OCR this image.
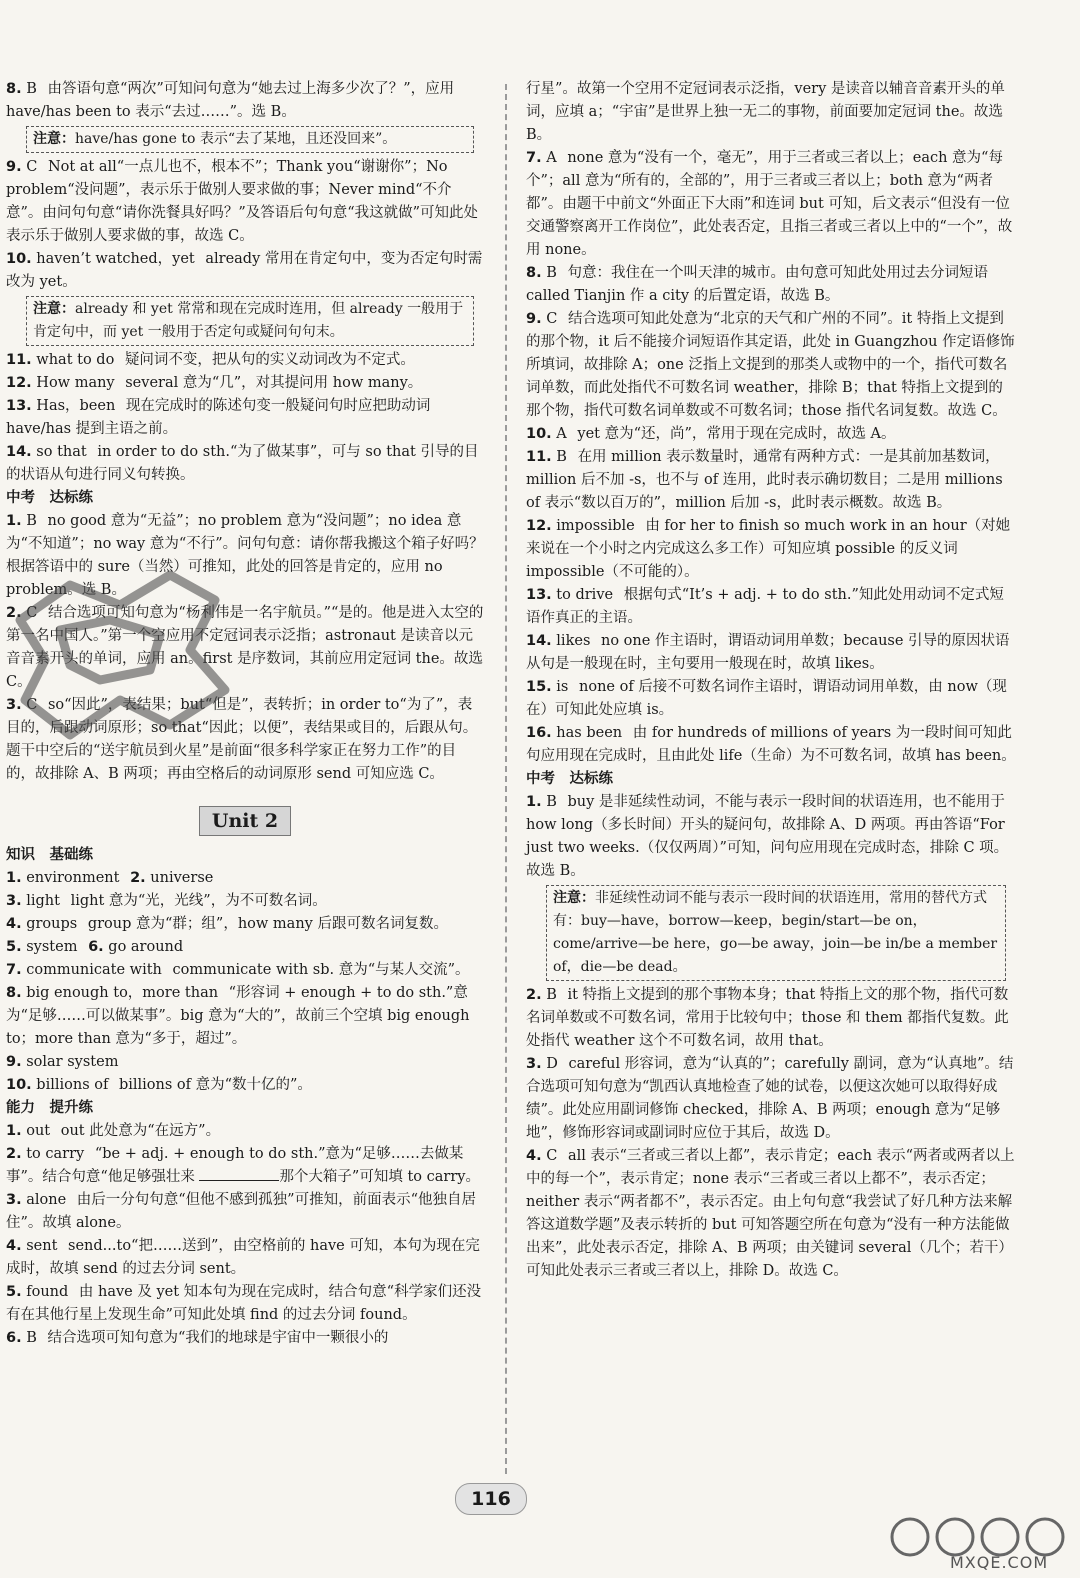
8. B 由答语句意“两次”可知问句意为“她去过上海多少次了？”，应用 have/has been to 表示“去过……”。选 B。

注意：have/has gone to 表示“去了某地，且还没回来”。

9. C Not at all“一点儿也不，根本不”；Thank you“谢谢你”；No problem“没问题”，表示乐于做别人要求做的事；Never mind“不介意”。由问句句意“请你洗餐具好吗？”及答语后句句意“我这就做”可知此处表示乐于做别人要求做的事，故选 C。

10. haven’t watched，yet already 常用在肯定句中，变为否定句时需改为 yet。

注意：already 和 yet 常常和现在完成时连用，但 already 一般用于肯定句中，而 yet 一般用于否定句或疑问句句末。

11. what to do 疑问词不变，把从句的实义动词改为不定式。

12. How many several 意为“几”，对其提问用 how many。

13. Has，been 现在完成时的陈述句变一般疑问句时应把助动词 have/has 提到主语之前。

14. so that in order to do sth.“为了做某事”，可与 so that 引导的目的状语从句进行同义句转换。

中考　达标练

1. B no good 意为“无益”；no problem 意为“没问题”；no idea 意为“不知道”；no way 意为“不行”。问句句意：请你帮我搬这个箱子好吗？根据答语中的 sure（当然）可推知，此处的回答是肯定的，应用 no problem。选 B。

2. C 结合选项可知句意为“杨利伟是一名宇航员。”“是的。他是进入太空的第一名中国人。”第一个空应用不定冠词表示泛指；astronaut 是读音以元音音素开头的单词，应用 an。first 是序数词，其前应用定冠词 the。故选 C。

3. C so“因此”，表结果；but“但是”，表转折；in order to“为了”，表目的，后跟动词原形；so that“因此；以便”，表结果或目的，后跟从句。题干中空后的“送宇航员到火星”是前面“很多科学家正在努力工作”的目的，故排除 A、B 两项；再由空格后的动词原形 send 可知应选 C。

Unit 2
知识　基础练

1. environment 2. universe

3. light light 意为“光，光线”，为不可数名词。

4. groups group 意为“群；组”，how many 后跟可数名词复数。

5. system 6. go around

7. communicate with communicate with sb. 意为“与某人交流”。

8. big enough to，more than “形容词 + enough + to do sth.”意为“足够……可以做某事”。big 意为“大的”，故前三个空填 big enough to；more than 意为“多于，超过”。

9. solar system

10. billions of billions of 意为“数十亿的”。

能力　提升练

1. out out 此处意为“在远方”。

2. to carry “be + adj. + enough to do sth.”意为“足够……去做某事”。结合句意“他足够强壮来	那个大箱子”可知填 to carry。

3. alone 由后一分句句意“但他不感到孤独”可推知，前面表示“他独自居住”。故填 alone。

4. sent send...to“把……送到”，由空格前的 have 可知，本句为现在完成时，故填 send 的过去分词 sent。

5. found 由 have 及 yet 知本句为现在完成时，结合句意“科学家们还没有在其他行星上发现生命”可知此处填 find 的过去分词 found。

6. B 结合选项可知句意为“我们的地球是宇宙中一颗很小的

行星”。故第一个空用不定冠词表示泛指，very 是读音以辅音音素开头的单词，应填 a；“宇宙”是世界上独一无二的事物，前面要加定冠词 the。故选 B。

7. A none 意为“没有一个，毫无”，用于三者或三者以上；each 意为“每个”；all 意为“所有的，全部的”，用于三者或三者以上；both 意为“两者都”。由题干中前文“外面正下大雨”和连词 but 可知，后文表示“但没有一位交通警察离开工作岗位”，此处表否定，且指三者或三者以上中的“一个”，故用 none。

8. B 句意：我住在一个叫天津的城市。由句意可知此处用过去分词短语 called Tianjin 作 a city 的后置定语，故选 B。

9. C 结合选项可知此处意为“北京的天气和广州的不同”。it 特指上文提到的那个物，it 后不能接介词短语作其定语，此处 in Guangzhou 作定语修饰所填词，故排除 A；one 泛指上文提到的那类人或物中的一个，指代可数名词单数，而此处指代不可数名词 weather，排除 B；that 特指上文提到的那个物，指代可数名词单数或不可数名词；those 指代名词复数。故选 C。

10. A yet 意为“还，尚”，常用于现在完成时，故选 A。

11. B 在用 million 表示数量时，通常有两种方式：一是其前加基数词，million 后不加 -s，也不与 of 连用，此时表示确切数目；二是用 millions of 表示“数以百万的”，million 后加 -s，此时表示概数。故选 B。

12. impossible 由 for her to finish so much work in an hour（对她来说在一个小时之内完成这么多工作）可知应填 possible 的反义词 impossible（不可能的）。

13. to drive 根据句式“It’s + adj. + to do sth.”知此处用动词不定式短语作真正的主语。

14. likes no one 作主语时，谓语动词用单数；because 引导的原因状语从句是一般现在时，主句要用一般现在时，故填 likes。

15. is none of 后接不可数名词作主语时，谓语动词用单数，由 now（现在）可知此处应填 is。

16. has been 由 for hundreds of millions of years 为一段时间可知此句应用现在完成时，且由此处 life（生命）为不可数名词，故填 has been。

中考　达标练

1. B buy 是非延续性动词，不能与表示一段时间的状语连用，也不能用于 how long（多长时间）开头的疑问句，故排除 A、D 两项。再由答语“For just two weeks.（仅仅两周）”可知，问句应用现在完成时态，排除 C 项。故选 B。

注意：非延续性动词不能与表示一段时间的状语连用，常用的替代方式有：buy—have，borrow—keep，begin/start—be on，come/arrive—be here，go—be away，join—be in/be a member of，die—be dead。

2. B it 特指上文提到的那个事物本身；that 特指上文的那个物，指代可数名词单数或不可数名词，常用于比较句中；those 和 them 都指代复数。此处指代 weather 这个不可数名词，故用 that。

3. D careful 形容词，意为“认真的”；carefully 副词，意为“认真地”。结合选项可知句意为“凯西认真地检查了她的试卷，以便这次她可以取得好成绩”。此处应用副词修饰 checked，排除 A、B 两项；enough 意为“足够地”，修饰形容词或副词时应位于其后，故选 D。

4. C all 表示“三者或三者以上都”，表示肯定；each 表示“两者或两者以上中的每一个”，表示肯定；none 表示“三者或三者以上都不”，表示否定；neither 表示“两者都不”，表示否定。由上句句意“我尝试了好几种方法来解答这道数学题”及表示转折的 but 可知答题空所在句意为“没有一种方法能做出来”，此处表示否定，排除 A、B 两项；由关键词 several（几个；若干）可知此处表示三者或三者以上，排除 D。故选 C。

116
MXQE.COM
